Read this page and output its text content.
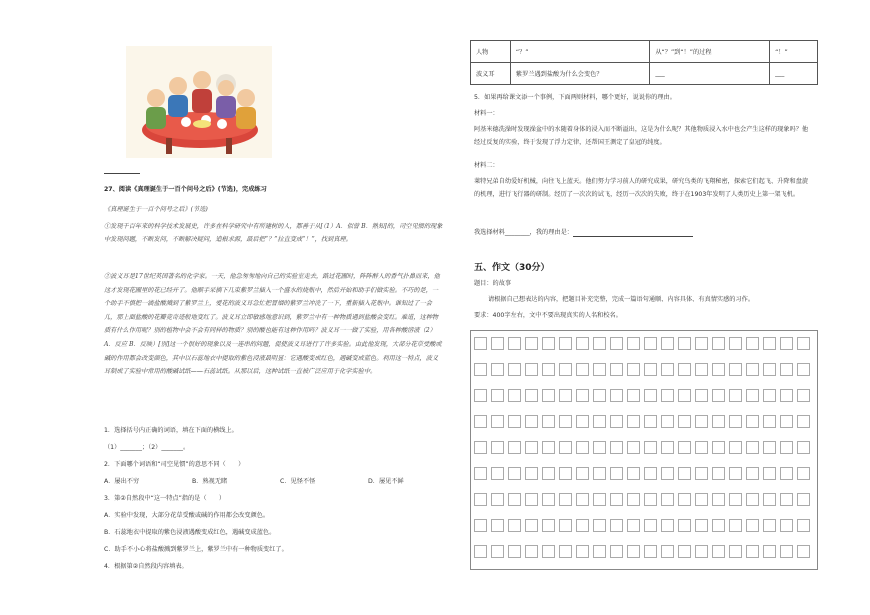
27、阅读《真理诞生于一百个问号之后》(节选)，完成练习
《真理诞生于一百个问号之后》(节选)
①发现千百年来的科学技术发展史，许多在科学研究中有所建树的人，都善于从[（1）A．似曾 B．熟知]的，司空见惯的现象中发现问题，不断发问，不断解决疑问，追根求源，最后把“？”拉直变成“！”，找到真理。
②波义耳是17世纪英国著名的化学家。一天，他急匆匆地向自己的实验室走去，路过花圃时，阵阵醉人的香气扑鼻而来，他这才发现花圃里的花已经开了。他顺手采摘下几束紫罗兰插入一个盛水的烧瓶中，然后开始和助手们做实验。不巧的是，一个助手不慎把一滴盐酸溅到了紫罗兰上，爱花的波义耳急忙把冒烟的紫罗兰冲洗了一下，重新插入花瓶中。谁知过了一会儿，那上面盐酸的花瓣竟奇迹般地变红了。波义耳立即敏感地意识到，紫罗兰中有一种物质遇到盐酸会变红。难道，这种物质有什么作用呢？别的植物中会不会有同样的物质？别的酸也能有这种作用吗？波义耳一一做了实验，用各种酸溶液（2）A．反应 B．反映）[别]这一个很好的现象以及一连串的问题，促使波义耳进行了许多实验。由此他发现，大部分花草受酸或碱的作用都会改变颜色，其中以石蕊地衣中提取的紫色浸液最明显：它遇酸变成红色，遇碱变成蓝色。利用这一特点，波义耳制成了实验中常用的酸碱试纸——石蕊试纸。从那以后，这种试纸一直被广泛应用于化学实验中。
1．选择括号内正确的词语，填在下面的横线上。
（1）_______；（2）_______。
2．下面哪个词语和“司空见惯”的意思不同（　　）
A．屡出不穷	B．熟视无睹	C．见怪不怪	D．屡见不鲜
3．第②自然段中“这一特点”指的是（　　）
A．实验中发现，大部分花草受酸或碱的作用都会改变颜色。
B．石蕊地衣中提取的紫色浸液遇酸变成红色，遇碱变成蓝色。
C．助手不小心将盐酸溅到紫罗兰上，紫罗兰中有一种物质变红了。
4．根据第②自然段内容填表。
人物	“？”	从“？”到“！”的过程	“！”
波义耳	紫罗兰遇到盐酸为什么会变色？	___	___
5．如果再给课文添一个事例，下面两则材料，哪个更好，说说你的理由。
材料一：
阿基米德洗澡时发现澡盆中的水随着身体的浸入而不断溢出，这是为什么呢？其他物质浸入水中也会产生这样的现象吗？他经过反复的实验，终于发现了浮力定律，还帮国王测定了皇冠的纯度。
材料二：
莱特兄弟自幼爱好机械，向往飞上蓝天。他们努力学习前人的研究成果，研究鸟类的飞翔秘密，探索它们起飞、升降和盘旋的机理，进行飞行器的研制。经历了一次次的试飞，经历一次次的失败，终于在1903年发明了人类历史上第一架飞机。
我选择材料________，我的理由是：
五、作文（30分）
题目：的故事
请根据自己想表达的内容，把题目补充完整，完成一篇语句通顺、内容具体、有真情实感的习作。
要求：400字左右，文中不要出现真实的人名和校名。
